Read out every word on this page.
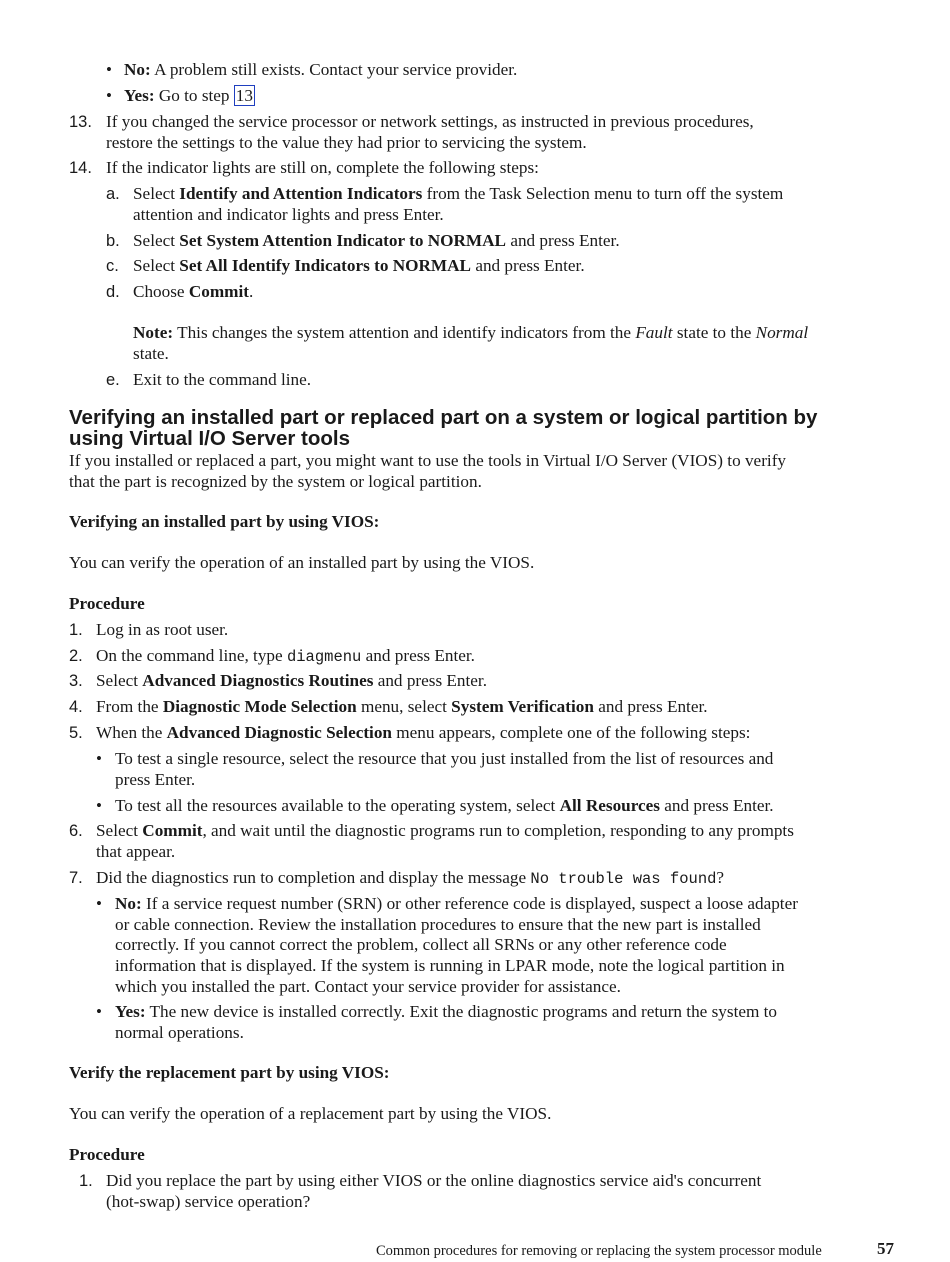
• No: A problem still exists. Contact your service provider.
• Yes: Go to step 13
13. If you changed the service processor or network settings, as instructed in previous procedures,
restore the settings to the value they had prior to servicing the system.
14. If the indicator lights are still on, complete the following steps:
a. Select Identify and Attention Indicators from the Task Selection menu to turn off the system
attention and indicator lights and press Enter.
b. Select Set System Attention Indicator to NORMAL and press Enter.
c. Select Set All Identify Indicators to NORMAL and press Enter.
d. Choose Commit.
Note: This changes the system attention and identify indicators from the Fault state to the Normal
state.
e. Exit to the command line.
Verifying an installed part or replaced part on a system or logical partition by
using Virtual I/O Server tools
If you installed or replaced a part, you might want to use the tools in Virtual I/O Server (VIOS) to verify
that the part is recognized by the system or logical partition.
Verifying an installed part by using VIOS:
You can verify the operation of an installed part by using the VIOS.
Procedure
1. Log in as root user.
2. On the command line, type diagmenu and press Enter.
3. Select Advanced Diagnostics Routines and press Enter.
4. From the Diagnostic Mode Selection menu, select System Verification and press Enter.
5. When the Advanced Diagnostic Selection menu appears, complete one of the following steps:
• To test a single resource, select the resource that you just installed from the list of resources and
press Enter.
• To test all the resources available to the operating system, select All Resources and press Enter.
6. Select Commit, and wait until the diagnostic programs run to completion, responding to any prompts
that appear.
7. Did the diagnostics run to completion and display the message No trouble was found?
• No: If a service request number (SRN) or other reference code is displayed, suspect a loose adapter
or cable connection. Review the installation procedures to ensure that the new part is installed
correctly. If you cannot correct the problem, collect all SRNs or any other reference code
information that is displayed. If the system is running in LPAR mode, note the logical partition in
which you installed the part. Contact your service provider for assistance.
• Yes: The new device is installed correctly. Exit the diagnostic programs and return the system to
normal operations.
Verify the replacement part by using VIOS:
You can verify the operation of a replacement part by using the VIOS.
Procedure
1. Did you replace the part by using either VIOS or the online diagnostics service aid's concurrent
(hot-swap) service operation?
Common procedures for removing or replacing the system processor module	57
